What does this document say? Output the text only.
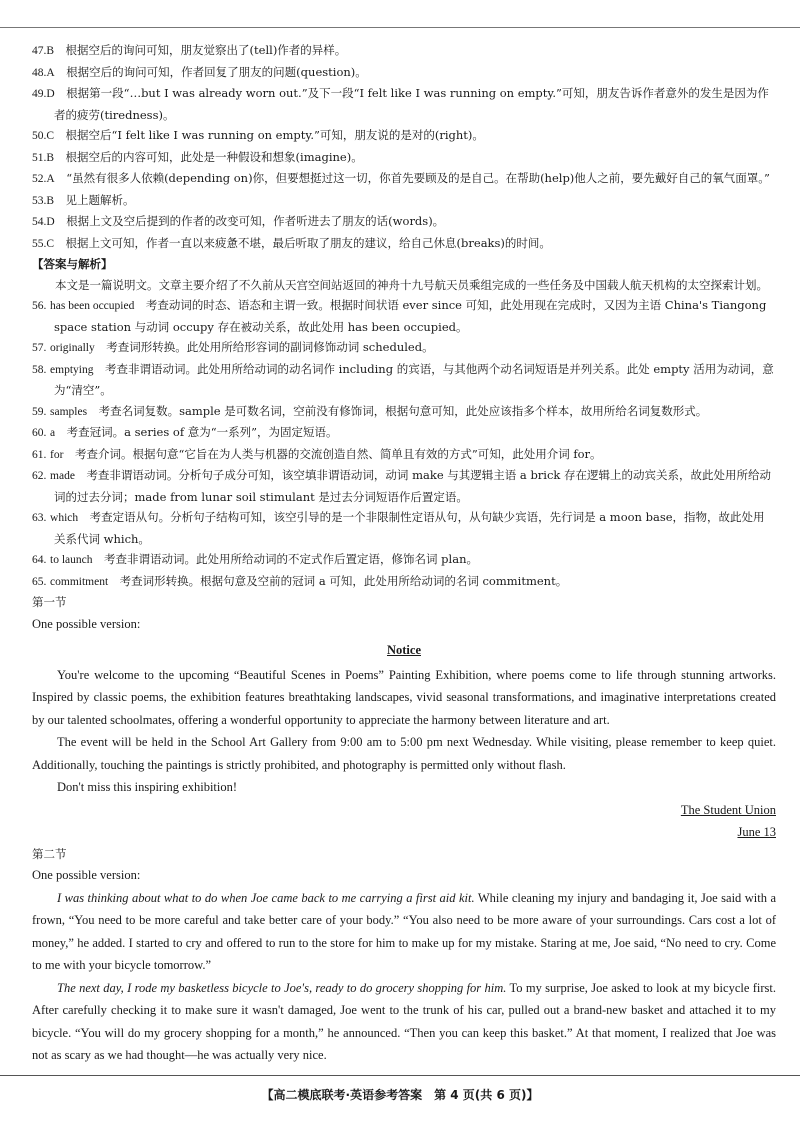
47.B　 根据空后的询问可知，朋友觉察出了(tell)作者的异样。

48.A　 根据空后的询问可知，作者回复了朋友的问题(question)。

49.D　 根据第一段“…but I was already worn out.”及下一段“I felt like I was running on empty.”可知，朋友告诉作者意外的发生是因为作者的疲劳(tiredness)。

50.C　 根据空后“I felt like I was running on empty.”可知，朋友说的是对的(right)。

51.B　 根据空后的内容可知，此处是一种假设和想象(imagine)。

52.A　 “虽然有很多人依赖(depending on)你，但要想挺过这一切，你首先要顾及的是自己。在帮助(help)他人之前，要先戴好自己的氧气面罩。”

53.B　 见上题解析。

54.D　 根据上文及空后提到的作者的改变可知，作者听进去了朋友的话(words)。

55.C　 根据上文可知，作者一直以来疲惫不堪，最后听取了朋友的建议，给自己休息(breaks)的时间。

【答案与解析】

本文是一篇说明文。文章主要介绍了不久前从天宫空间站返回的神舟十九号航天员乘组完成的一些任务及中国载人航天机构的太空探索计划。

56. has been occupied　 考查动词的时态、语态和主谓一致。根据时间状语 ever since 可知，此处用现在完成时，又因为主语 China's Tiangong space station 与动词 occupy 存在被动关系，故此处用 has been occupied。

57. originally　 考查词形转换。此处用所给形容词的副词修饰动词 scheduled。

58. emptying　 考查非谓语动词。此处用所给动词的动名词作 including 的宾语，与其他两个动名词短语是并列关系。此处 empty 活用为动词，意为“清空”。

59. samples　 考查名词复数。sample 是可数名词，空前没有修饰词，根据句意可知，此处应该指多个样本，故用所给名词复数形式。

60. a　 考查冠词。a series of 意为“一系列”，为固定短语。

61. for　 考查介词。根据句意“它旨在为人类与机器的交流创造自然、简单且有效的方式”可知，此处用介词 for。

62. made　 考查非谓语动词。分析句子成分可知，该空填非谓语动词，动词 make 与其逻辑主语 a brick 存在逻辑上的动宾关系，故此处用所给动词的过去分词；made from lunar soil stimulant 是过去分词短语作后置定语。

63. which　 考查定语从句。分析句子结构可知，该空引导的是一个非限制性定语从句，从句缺少宾语，先行词是 a moon base，指物，故此处用关系代词 which。

64. to launch　 考查非谓语动词。此处用所给动词的不定式作后置定语，修饰名词 plan。

65. commitment　 考查词形转换。根据句意及空前的冠词 a 可知，此处用所给动词的名词 commitment。

第一节

One possible version:

Notice

You're welcome to the upcoming “Beautiful Scenes in Poems” Painting Exhibition, where poems come to life through stunning artworks. Inspired by classic poems, the exhibition features breathtaking landscapes, vivid seasonal transformations, and imaginative interpretations created by our talented schoolmates, offering a wonderful opportunity to appreciate the harmony between literature and art.

The event will be held in the School Art Gallery from 9:00 am to 5:00 pm next Wednesday. While visiting, please remember to keep quiet. Additionally, touching the paintings is strictly prohibited, and photography is permitted only without flash.

Don't miss this inspiring exhibition!

The Student Union

June 13

第二节

One possible version:

I was thinking about what to do when Joe came back to me carrying a first aid kit. While cleaning my injury and bandaging it, Joe said with a frown, “You need to be more careful and take better care of your body.” “You also need to be more aware of your surroundings. Cars cost a lot of money,” he added. I started to cry and offered to run to the store for him to make up for my mistake. Staring at me, Joe said, “No need to cry. Come to me with your bicycle tomorrow.”

The next day, I rode my basketless bicycle to Joe's, ready to do grocery shopping for him. To my surprise, Joe asked to look at my bicycle first. After carefully checking it to make sure it wasn't damaged, Joe went to the trunk of his car, pulled out a brand-new basket and attached it to my bicycle. “You will do my grocery shopping for a month,” he announced. “Then you can keep this basket.” At that moment, I realized that Joe was not as scary as we had thought—he was actually very nice.

【高二模底联考·英语参考答案　第 4 页(共 6 页)】
